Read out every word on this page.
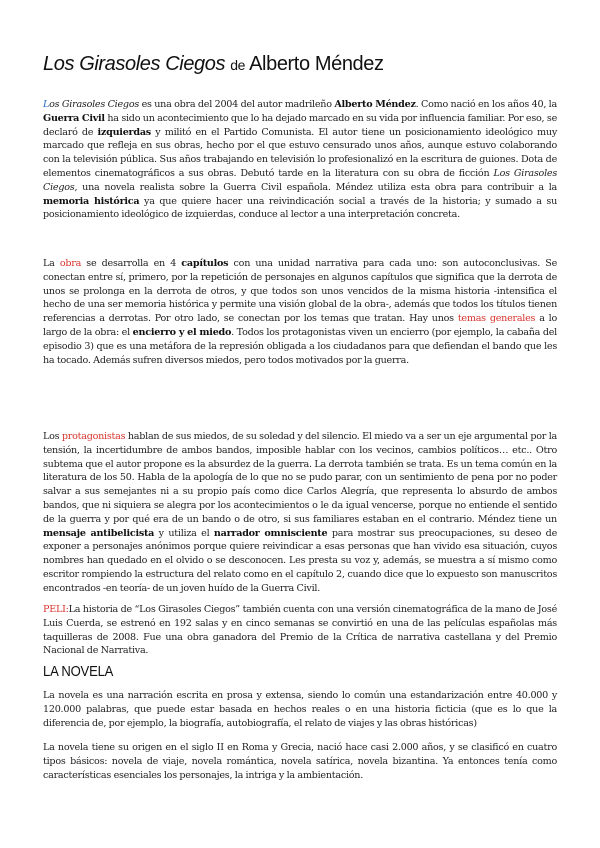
Los Girasoles Ciegos de Alberto Méndez

Los Girasoles Ciegos es una obra del 2004 del autor madrileño Alberto Méndez. Como nació en los años 40, la Guerra Civil ha sido un acontecimiento que lo ha dejado marcado en su vida por influencia familiar. Por eso, se declaró de izquierdas y militó en el Partido Comunista. El autor tiene un posicionamiento ideológico muy marcado que refleja en sus obras, hecho por el que estuvo censurado unos años, aunque estuvo colaborando con la televisión pública. Sus años trabajando en televisión lo profesionalizó en la escritura de guiones. Dota de elementos cinematográficos a sus obras. Debutó tarde en la literatura con su obra de ficción Los Girasoles Ciegos, una novela realista sobre la Guerra Civil española. Méndez utiliza esta obra para contribuir a la memoria histórica ya que quiere hacer una reivindicación social a través de la historia; y sumado a su posicionamiento ideológico de izquierdas, conduce al lector a una interpretación concreta.

La obra se desarrolla en 4 capítulos con una unidad narrativa para cada uno: son autoconclusivas. Se conectan entre sí, primero, por la repetición de personajes en algunos capítulos que significa que la derrota de unos se prolonga en la derrota de otros, y que todos son unos vencidos de la misma historia -intensifica el hecho de una ser memoria histórica y permite una visión global de la obra-, además que todos los títulos tienen referencias a derrotas. Por otro lado, se conectan por los temas que tratan. Hay unos temas generales a lo largo de la obra: el encierro y el miedo. Todos los protagonistas viven un encierro (por ejemplo, la cabaña del episodio 3) que es una metáfora de la represión obligada a los ciudadanos para que defiendan el bando que les ha tocado. Además sufren diversos miedos, pero todos motivados por la guerra.

Los protagonistas hablan de sus miedos, de su soledad y del silencio. El miedo va a ser un eje argumental por la tensión, la incertidumbre de ambos bandos, imposible hablar con los vecinos, cambios políticos… etc.. Otro subtema que el autor propone es la absurdez de la guerra. La derrota también se trata. Es un tema común en la literatura de los 50. Habla de la apología de lo que no se pudo parar, con un sentimiento de pena por no poder salvar a sus semejantes ni a su propio país como dice Carlos Alegría, que representa lo absurdo de ambos bandos, que ni siquiera se alegra por los acontecimientos o le da igual vencerse, porque no entiende el sentido de la guerra y por qué era de un bando o de otro, si sus familiares estaban en el contrario. Méndez tiene un mensaje antibelicista y utiliza el narrador omnisciente para mostrar sus preocupaciones, su deseo de exponer a personajes anónimos porque quiere reivindicar a esas personas que han vivido esa situación, cuyos nombres han quedado en el olvido o se desconocen. Les presta su voz y, además, se muestra a sí mismo como escritor rompiendo la estructura del relato como en el capítulo 2, cuando dice que lo expuesto son manuscritos encontrados -en teoría- de un joven huído de la Guerra Civil.

PELI:La historia de “Los Girasoles Ciegos” también cuenta con una versión cinematográfica de la mano de José Luis Cuerda, se estrenó en 192 salas y en cinco semanas se convirtió en una de las películas españolas más taquilleras de 2008. Fue una obra ganadora del Premio de la Crítica de narrativa castellana y del Premio Nacional de Narrativa.

LA NOVELA

La novela es una narración escrita en prosa y extensa, siendo lo común una estandarización entre 40.000 y 120.000 palabras, que puede estar basada en hechos reales o en una historia ficticia (que es lo que la diferencia de, por ejemplo, la biografía, autobiografía, el relato de viajes y las obras históricas)

La novela tiene su origen en el siglo II en Roma y Grecia, nació hace casi 2.000 años, y se clasificó en cuatro tipos básicos: novela de viaje, novela romántica, novela satírica, novela bizantina. Ya entonces tenía como características esenciales los personajes, la intriga y la ambientación.
